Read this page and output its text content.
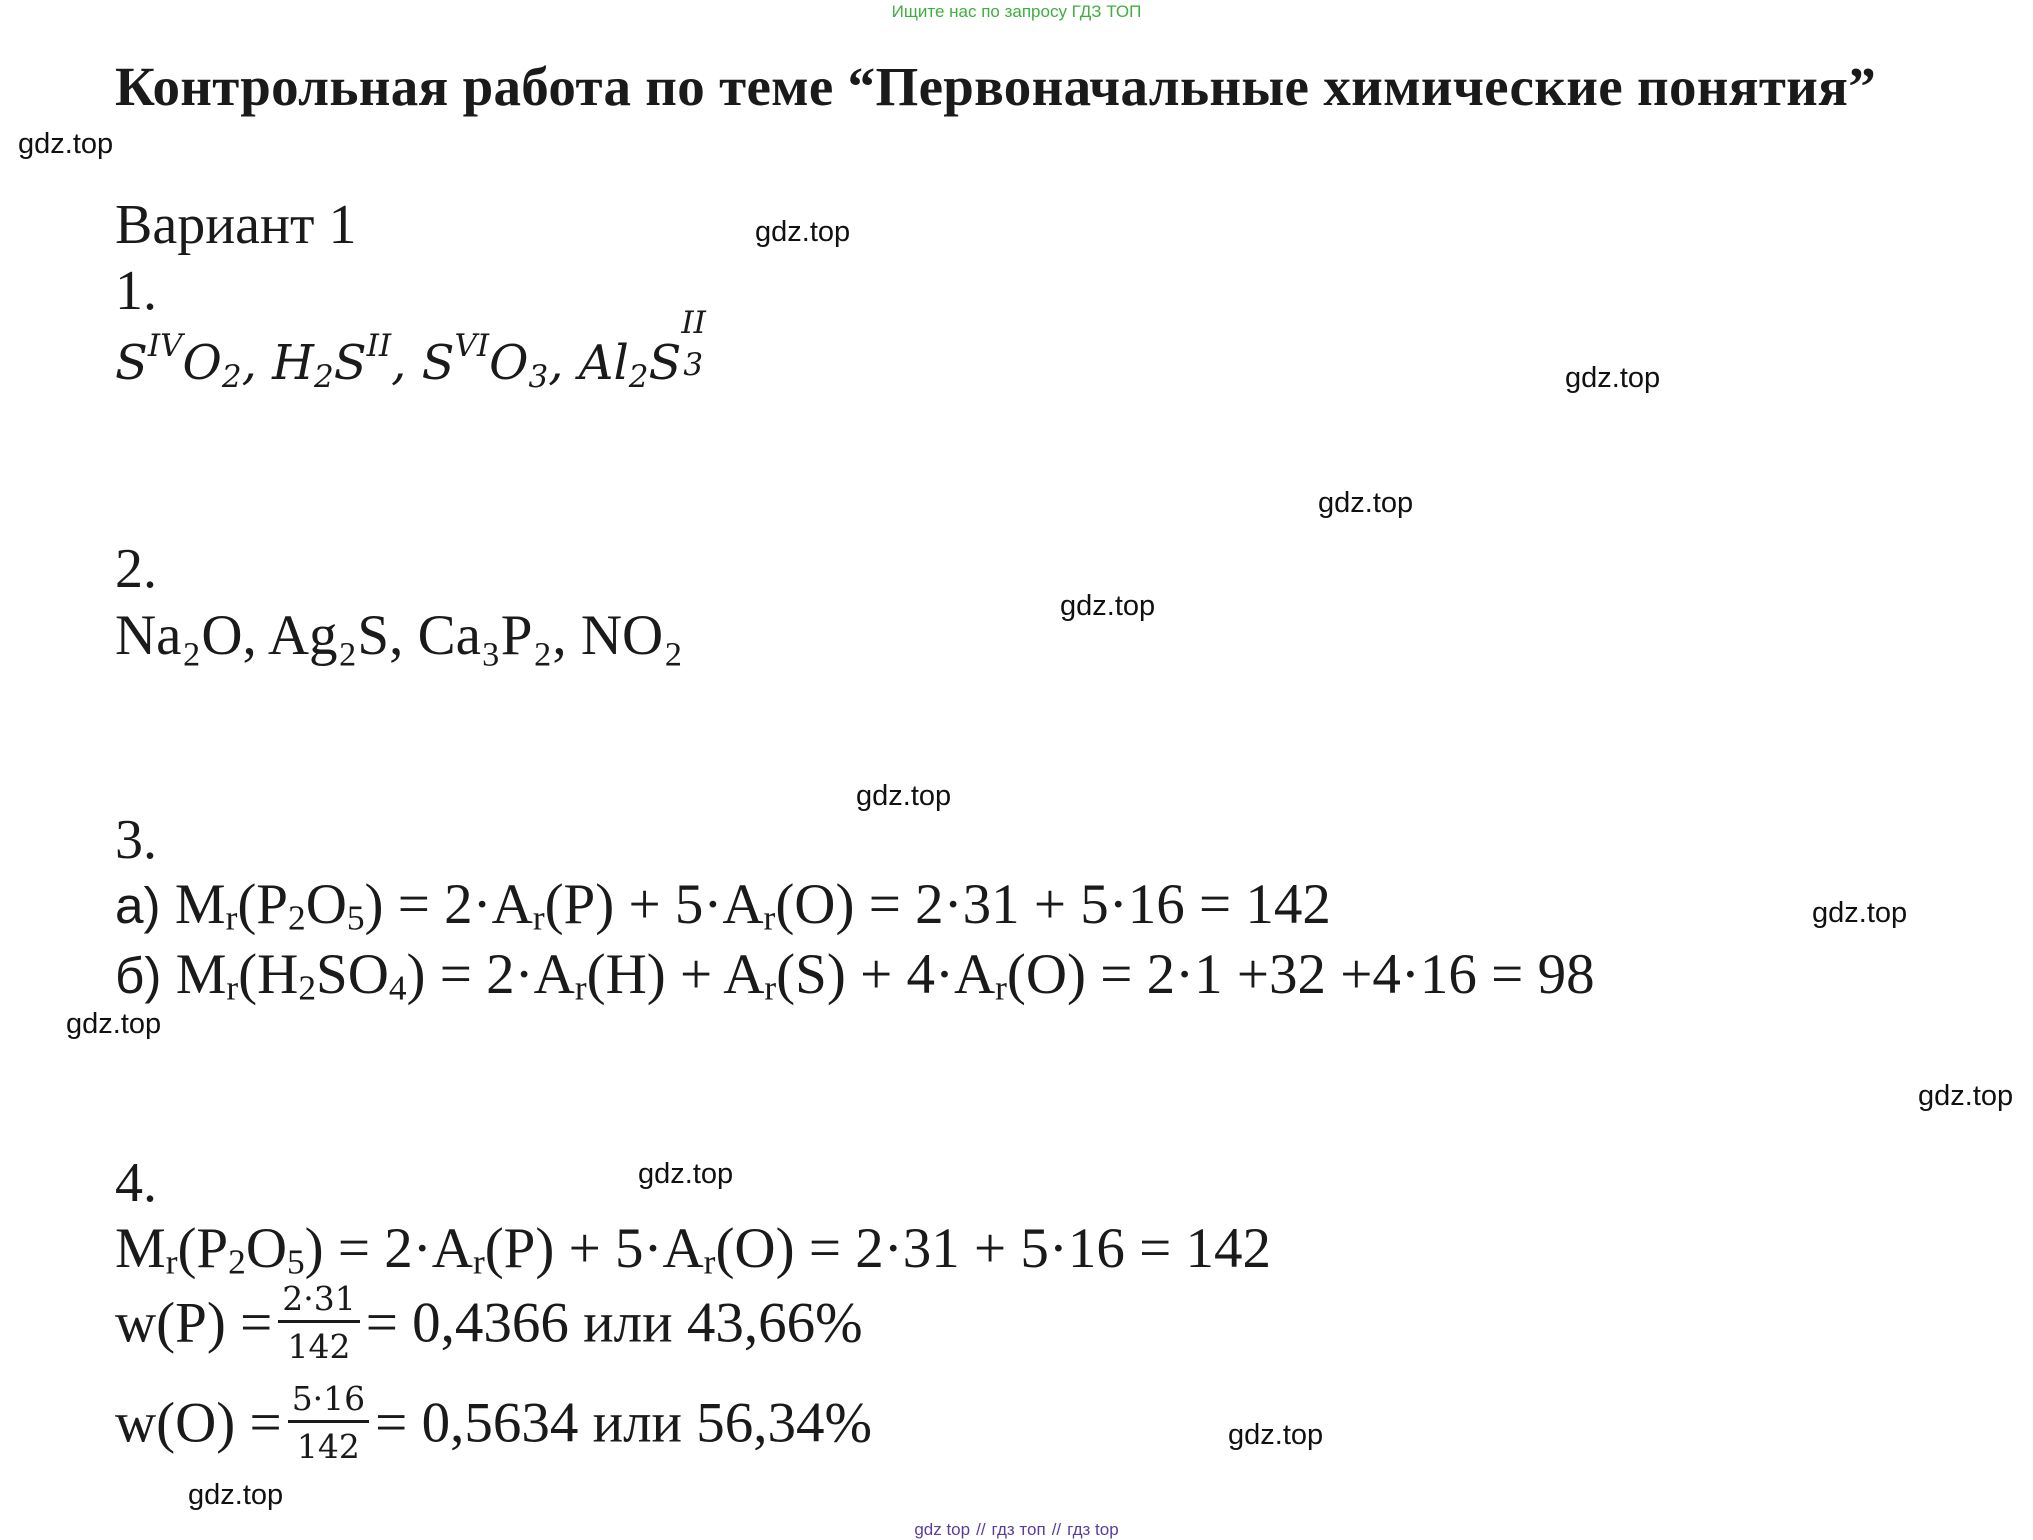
Ищите нас по запросу ГДЗ ТОП
Контрольная работа по теме “Первоначальные химические понятия”
gdz.top
gdz.top
gdz.top
gdz.top
gdz.top
gdz.top
gdz.top
gdz.top
gdz.top
gdz.top
gdz.top
gdz.top
Вариант 1
1.
$S^{IV}O_2$, $H_2S^{II}$, $S^{VI}O_3$, $Al_2S$
II
3

2.
Na₂O, Ag₂S, Ca₃P₂, NO₂
3.
а) Mr(P2O5) = 2·Ar(P) + 5·Ar(O) = 2·31 + 5·16 = 142
б) Mr(H2SO4) = 2·Ar(H) + Ar(S) + 4·Ar(O) = 2·1 +32 +4·16 = 98
4.
Mr(P2O5) = 2·Ar(P) + 5·Ar(O) = 2·31 + 5·16 = 142
$w(P) = \frac{2\cdot 31}{142} = 0,4366$ или 43,66%
$w(O) = \frac{5\cdot 16}{142} = 0,5634$ или 56,34%
gdz top // гдз топ // гдз top
